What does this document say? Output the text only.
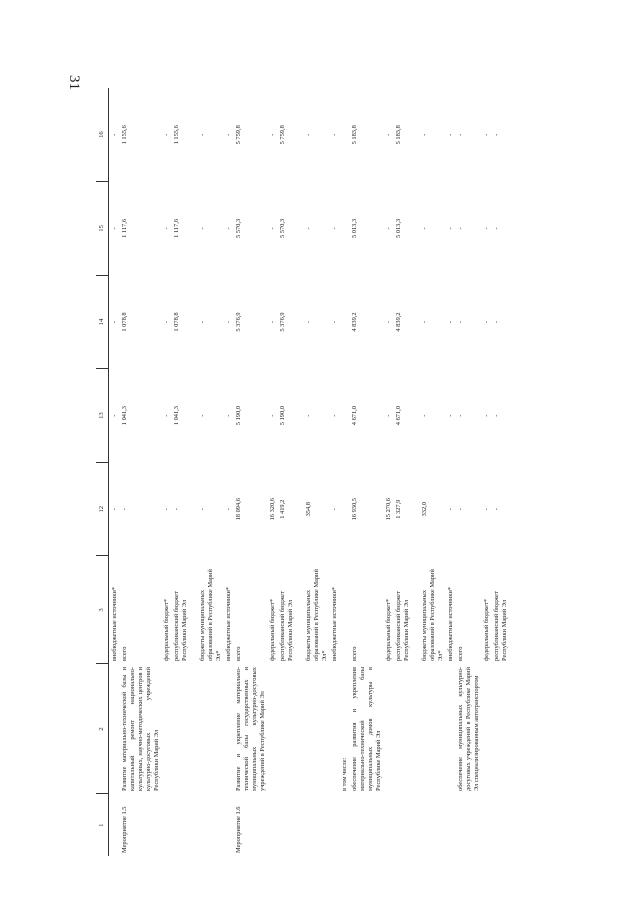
31
1	2	3	12	13	14	15	16
		внебюджетные источники*	-	-	-	-	-
Мероприятие 1.5	Развитие материально-технической базы и капитальный ремонт национально-культурных, научно-методических центров и культурно-досуговых учреждений Республики Марий Эл	всего	-	1 041,3	1 078,8	1 117,6	1 155,6
		федеральный бюджет*	-	-	-	-	-
		республиканский бюджет Республики Марий Эл	-	1 041,3	1 078,8	1 117,6	1 155,6
		бюджеты муниципальных образований в Республике Марий Эл*	-	-	-	-	-
		внебюджетные источники*	-	-	-	-	-
Мероприятие 1.6	Развитие и укрепление материально-технической базы государственных и муниципальных культурно-досуговых учреждений в Республике Марий Эл	всего	18 094,6	5 190,0	5 376,9	5 570,3	5 759,8
		федеральный бюджет*	16 320,6	-	-	-	-
		республиканский бюджет Республики Марий Эл	1 419,2	5 190,0	5 376,9	5 570,3	5 759,8
		бюджеты муниципальных образований в Республике Марий Эл*	354,8	-	-	-	-
		внебюджетные источники*	-	-	-	-	-
	в том числе:						
	обеспечение развития и укрепления материально-технической базы муниципальных домов культуры в Республике Марий Эл	всего	16 930,5	4 671,0	4 839,2	5 013,3	5 183,8
		федеральный бюджет*	15 270,6	-	-	-	-
		республиканский бюджет Республики Марий Эл	1 327,9	4 671,0	4 839,2	5 013,3	5 183,8
		бюджеты муниципальных образований в Республике Марий Эл*	332,0	-	-	-	-
		внебюджетные источники*	-	-	-	-	-
	обеспечение муниципальных культурно-досуговых учреждений в Республике Марий Эл специализированным автотранспортом	всего	-	-	-	-	-
		федеральный бюджет*	-	-	-	-	-
		республиканский бюджет Республики Марий Эл	-	-	-	-	-
